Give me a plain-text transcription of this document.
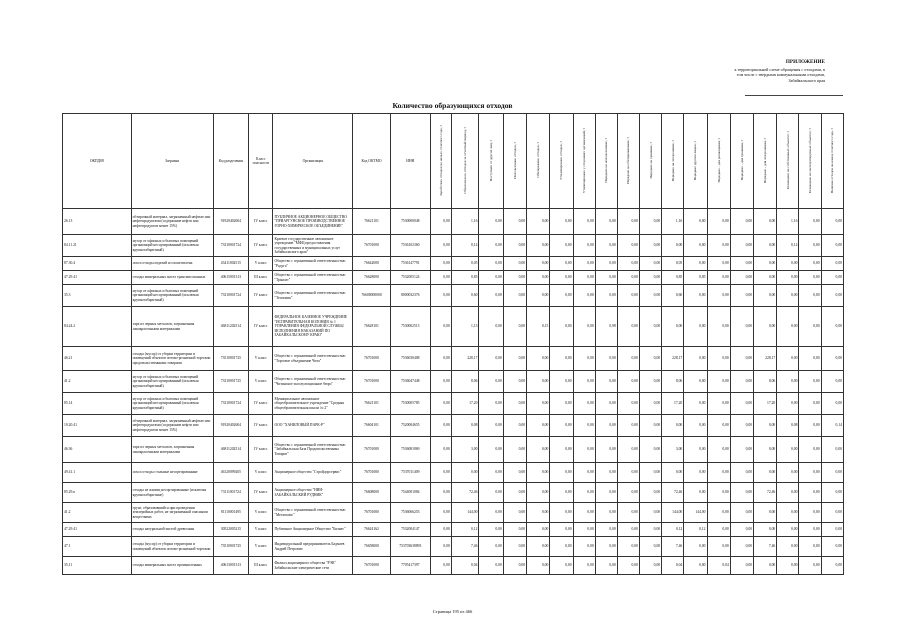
ПРИЛОЖЕНИЕ
к территориальной схеме обращения с отходами, в
том числе с твердыми коммунальными отходами,
Забайкальского края
Количество образующихся отходов
ОКПД08	Загрязни	Код разделения	Класс опасности	Организация	Код ОКТМО	ИНН	Заработано отходов на начало отчетного года, т	Образовалось отходов за отчетный период, т	Поступило от других лиц, т	Использовано отходов, т	Обезврежено отходов, т	Утилизировано отходов, т	Утилизировано у сторонних организаций, т	Передано на использование, т	Передано на обезвреживание, т	Передано на хранение, т	Передано на захоронение, т	Передано другим лицам, т	Передано - для размещения, т	Передано - для хранения, т	Передано - для захоронения, т	Размещено на собственных объектах, т	Размещено на эксплуатируемых объектах, т	Наличие отходов на конец отчетного года, т
26.13	обтирочный материал, загрязненный нефтью или нефтепродуктами (содержание нефти или нефтепродуктов менее 15%)	91920402604	IV класс	ПУБЛИЧНОЕ АКЦИОНЕРНОЕ ОБЩЕСТВО "ПРИАРГУНСКОЕ ПРОИЗВОДСТВЕННОЕ ГОРНО-ХИМИЧЕСКОЕ ОБЪЕДИНЕНИЕ"	76621101	7530000048	0,00	1,16	0,00	0,00	0,00	0,00	0,00	0,00	0,00	0,00	1,16	0,00	0,00	0,00	0,00	1,16	0,00	0,00
84.11.21	мусор от офисных и бытовых помещений организаций несортированный (исключая крупногабаритный)	73310001724	IV класс	Краевое государственное автономное учреждение "МФЦ предоставления государственных и муниципальных услуг Забайкальского края"	76701000	7536102360	0,00	0,14	0,00	0,00	0,00	0,00	0,00	0,00	0,00	0,00	0,00	0,00	0,00	0,00	0,00	0,14	0,00	0,00
87.30.4	лом и отходы изделий из полиэтилена	43411002515	V класс	Общество с ограниченной ответственностью "Радуга"	76642000	7536147791	0,00	0,05	0,00	0,00	0,00	0,00	0,00	0,00	0,00	0,00	0,05	0,00	0,00	0,00	0,00	0,00	0,00	0,00
47.29.41	отходы минеральных масел трансмиссионных	40615001313	III класс	Общество с ограниченной ответственностью "Трансит"	76628000	7532005124	0,00	0,85	0,00	0,00	0,00	0,00	0,00	0,00	0,00	0,00	0,85	0,85	0,00	0,00	0,00	0,00	0,00	0,00
35.3	мусор от офисных и бытовых помещений организаций несортированный (исключая крупногабаритный)	73310001724	IV класс	Общество с ограниченной ответственностью "Тепловик"	76608000000	8000032376	0,00	0,60	0,00	0,00	0,00	0,00	0,00	0,00	0,00	0,00	0,60	0,00	0,00	0,00	0,00	0,00	0,00	0,00
84.24.2	тара из черных металлов, загрязненная лакокрасочными материалами	46811202514	IV класс	ФЕДЕРАЛЬНОЕ КАЗЕННОЕ УЧРЕЖДЕНИЕ "ИСПРАВИТЕЛЬНАЯ КОЛОНИЯ № 1 УПРАВЛЕНИЯ ФЕДЕРАЛЬНОЙ СЛУЖБЫ ИСПОЛНЕНИЯ НАКАЗАНИЙ ПО ЗАБАЙКАЛЬСКОМУ КРАЮ"	76628101	7530002513	0,00	1,13	0,00	0,00	0,15	0,00	0,00	0,98	0,00	0,00	0,00	0,00	0,00	0,00	0,00	0,00	0,00	0,00
46.21	отходы (мусор) от уборки территории и помещений объектов оптово-розничной торговли продовольственными товарами	73510001725	V класс	Общество с ограниченной ответственностью "Торговое объединение Чита"	76701000	7536030408	0,00	228,17	0,00	0,00	0,00	0,00	0,00	0,00	0,00	0,00	228,17	0,00	0,00	0,00	228,17	0,00	0,00	0,00
41.2	мусор от офисных и бытовых помещений организаций несортированный (исключая крупногабаритный)	73310001725	V класс	Общество с ограниченной ответственностью "Читинское эксплуатационное бюро"	76701000	7536047448	0,00	8,06	0,00	0,00	0,00	0,00	0,00	0,00	0,00	0,00	8,06	0,00	0,00	0,00	8,06	0,00	0,00	0,00
85.14	мусор от офисных и бытовых помещений организаций несортированный (исключая крупногабаритный)	73310001724	IV класс	Муниципальное автономное общеобразовательное учреждение "Средняя общеобразовательная школа № 2"	76621101	7530005785	0,00	17,20	0,00	0,00	0,00	0,00	0,00	0,00	0,00	0,00	17,20	0,00	0,00	0,00	17,20	0,00	0,00	0,00
10.20.41	обтирочный материал, загрязненный нефтью или нефтепродуктами (содержание нефти или нефтепродуктов менее 15%)	91920402604	IV класс	ООО "ХАНИЛОВЫЙ ПАРК-Р"	76604101	7520004655	0,00	0,08	0,00	0,00	0,00	0,00	0,00	0,00	0,00	0,00	0,00	0,00	0,00	0,00	0,00	0,08	0,00	0,14
46.36	тара из черных металлов, загрязненная лакокрасочными материалами	46811202514	IV класс	Общество с ограниченной ответственностью "Забайкальская База Продовольственных Товаров"	76701000	7536081869	0,00	3,00	0,00	0,00	0,00	0,00	0,00	0,00	0,00	0,00	3,00	0,00	0,00	0,00	0,00	0,00	0,00	0,00
49.41.1	лом и отходы стальные несортированные	46120099205	V класс	Акционерное общество "Стройдорсервис"	76701000	7537011409	0,00	0,00	0,00	0,00	0,00	0,00	0,00	0,00	0,00	0,00	0,00	0,00	0,00	0,00	0,00	0,00	0,00	0,00
85.29.n	отходы из жилищ несортированные (исключая крупногабаритные)	73111001724	IV класс	Акционерное общество "НИИ-ЗАБАЙКАЛЬСКИЙ РУДНИК"	76608000	7544001084	0,00	72,46	0,00	0,00	0,00	0,00	0,00	0,00	0,00	0,00	72,46	0,00	0,00	0,00	72,46	0,00	0,00	0,00
41.2	грунт, образовавшийся при проведении землеройных работ, не загрязненный опасными веществами	81110001495	V класс	Общество с ограниченной ответственностью "Мегаполис"	76701000	7536066253	0,00	144,00	0,00	0,00	0,00	0,00	0,00	0,00	0,00	0,00	144,00	144,00	0,00	0,00	0,00	0,00	0,00	0,00
47.29.41	отходы натуральной чистой древесины	30522005215	V класс	Публичное Акционерное Общество "Бизнес"	76624162	7532004147	0,00	0,12	0,00	0,00	0,00	0,00	0,00	0,00	0,00	0,00	0,12	0,12	0,00	0,00	0,00	0,00	0,00	0,00
47.1	отходы (мусор) от уборки территории и помещений объектов оптово-розничной торговли	73510001725	V класс	Индивидуальный предприниматель Бадмаев Андрей Петрович	76658000	753703638893	0,00	7,46	0,00	0,00	0,00	0,00	0,00	0,00	0,00	0,00	7,46	0,00	0,00	0,00	7,46	0,00	0,00	0,00
35.11	отходы минеральных масел промышленных	40613001313	III класс	Филиал акционерного общества "РЭК" Забайкальские электрические сети	76701000	7705417397	0,00	0,04	0,00	0,00	0,00	0,00	0,00	0,00	0,00	0,00	0,04	0,00	0,04	0,00	0,00	0,00	0,00	0,00
Страница 195 из 466
